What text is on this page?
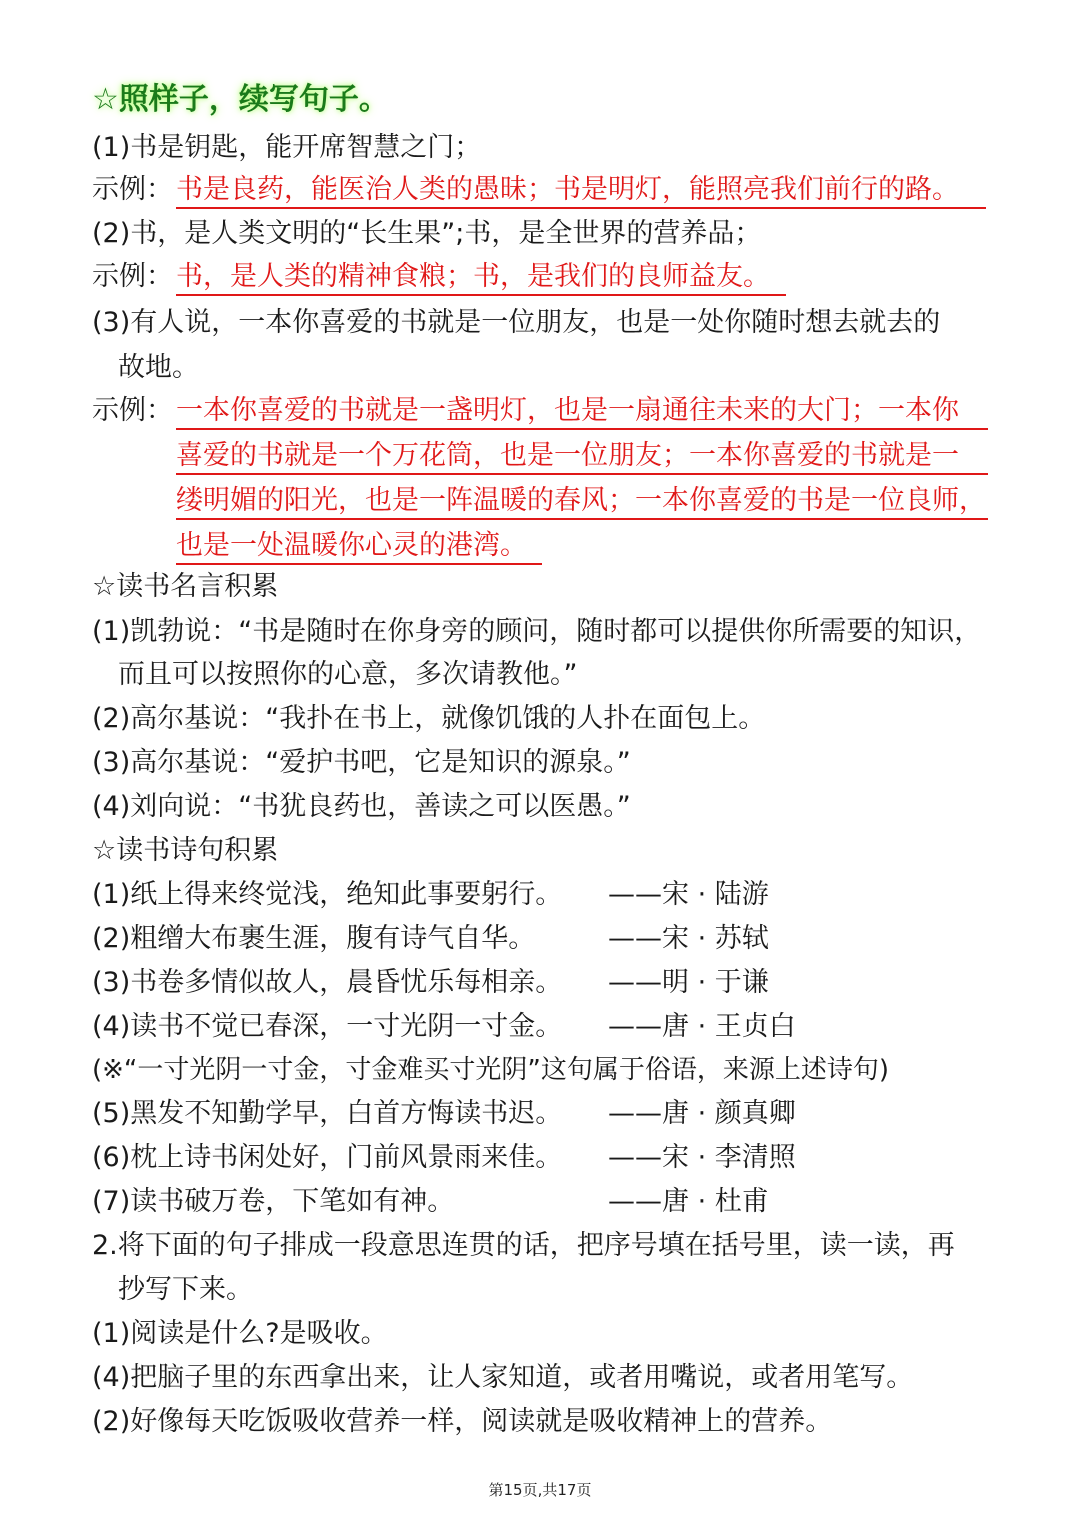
☆照样子，续写句子。
(1)书是钥匙，能开席智慧之门；
示例： 书是良药，能医治人类的愚昧；书是明灯，能照亮我们前行的路。
(2)书，是人类文明的“长生果”;书，是全世界的营养品；
示例： 书，是人类的精神食粮；书，是我们的良师益友。
(3)有人说，一本你喜爱的书就是一位朋友，也是一处你随时想去就去的
故地。
示例： 一本你喜爱的书就是一盏明灯，也是一扇通往未来的大门；一本你
喜爱的书就是一个万花筒，也是一位朋友；一本你喜爱的书就是一
缕明媚的阳光，也是一阵温暖的春风；一本你喜爱的书是一位良师，
也是一处温暖你心灵的港湾。
☆读书名言积累
(1)凯勃说：“书是随时在你身旁的顾问，随时都可以提供你所需要的知识，
而且可以按照你的心意，多次请教他。”
(2)高尔基说：“我扑在书上，就像饥饿的人扑在面包上。
(3)高尔基说：“爱护书吧，它是知识的源泉。”
(4)刘向说：“书犹良药也，善读之可以医愚。”
☆读书诗句积累
(1)纸上得来终觉浅，绝知此事要躬行。 ——宋 · 陆游
(2)粗缯大布裹生涯，腹有诗气自华。	——宋 · 苏轼
(3)书卷多情似故人，晨昏忧乐每相亲。 ——明 · 于谦
(4)读书不觉已春深，一寸光阴一寸金。 ——唐 · 王贞白
(※“一寸光阴一寸金，寸金难买寸光阴”这句属于俗语，来源上述诗句)
(5)黑发不知勤学早，白首方悔读书迟。 ——唐 · 颜真卿
(6)枕上诗书闲处好，门前风景雨来佳。 ——宋 · 李清照
(7)读书破万卷，下笔如有神。	——唐 · 杜甫
2.将下面的句子排成一段意思连贯的话，把序号填在括号里，读一读，再
抄写下来。
(1)阅读是什么?是吸收。
(4)把脑子里的东西拿出来，让人家知道，或者用嘴说，或者用笔写。
(2)好像每天吃饭吸收营养一样，阅读就是吸收精神上的营养。
第15页,共17页
